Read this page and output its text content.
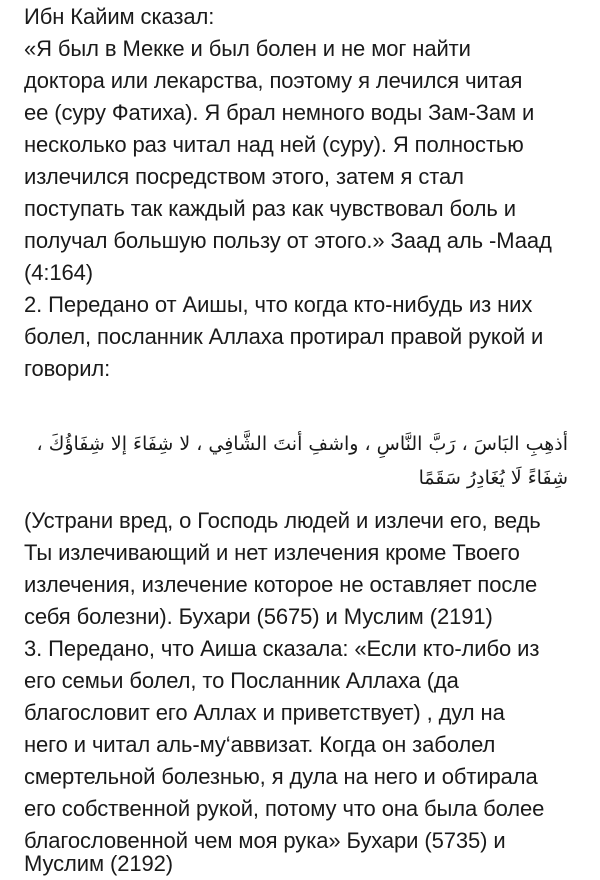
Ибн Кайим сказал:
«Я был в Мекке и был болен и не мог найти
доктора или лекарства, поэтому я лечился читая
ее (суру Фатиха). Я брал немного воды Зам-Зам и
несколько раз читал над ней (суру). Я полностью
излечился посредством этого, затем я стал
поступать так каждый раз как чувствовал боль и
получал большую пользу от этого.» Заад аль -Маад
(4:164)
2. Передано от Аишы, что когда кто-нибудь из них
болел, посланник Аллаха протирал правой рукой и
говорил:
أذهِبِ البَاسَ ، رَبَّ النَّاسِ ، واشفِ أنتَ الشَّافِي ، لا شِفَاءَ إلا شِفَاؤُكَ ،
شِفَاءً لَا يُغَادِرُ سَقَمًا
(Устрани вред, о Господь людей и излечи его, ведь
Ты излечивающий и нет излечения кроме Твоего
излечения, излечение которое не оставляет после
себя болезни). Бухари (5675) и Муслим (2191)
3. Передано, что Аиша сказала: «Если кто-либо из
его семьи болел, то Посланник Аллаха (да
благословит его Аллах и приветствует) , дул на
него и читал аль-му‘аввизат. Когда он заболел
смертельной болезнью, я дула на него и обтирала
его собственной рукой, потому что она была более
благословенной чем моя рука» Бухари (5735) и
Муслим (2192)
